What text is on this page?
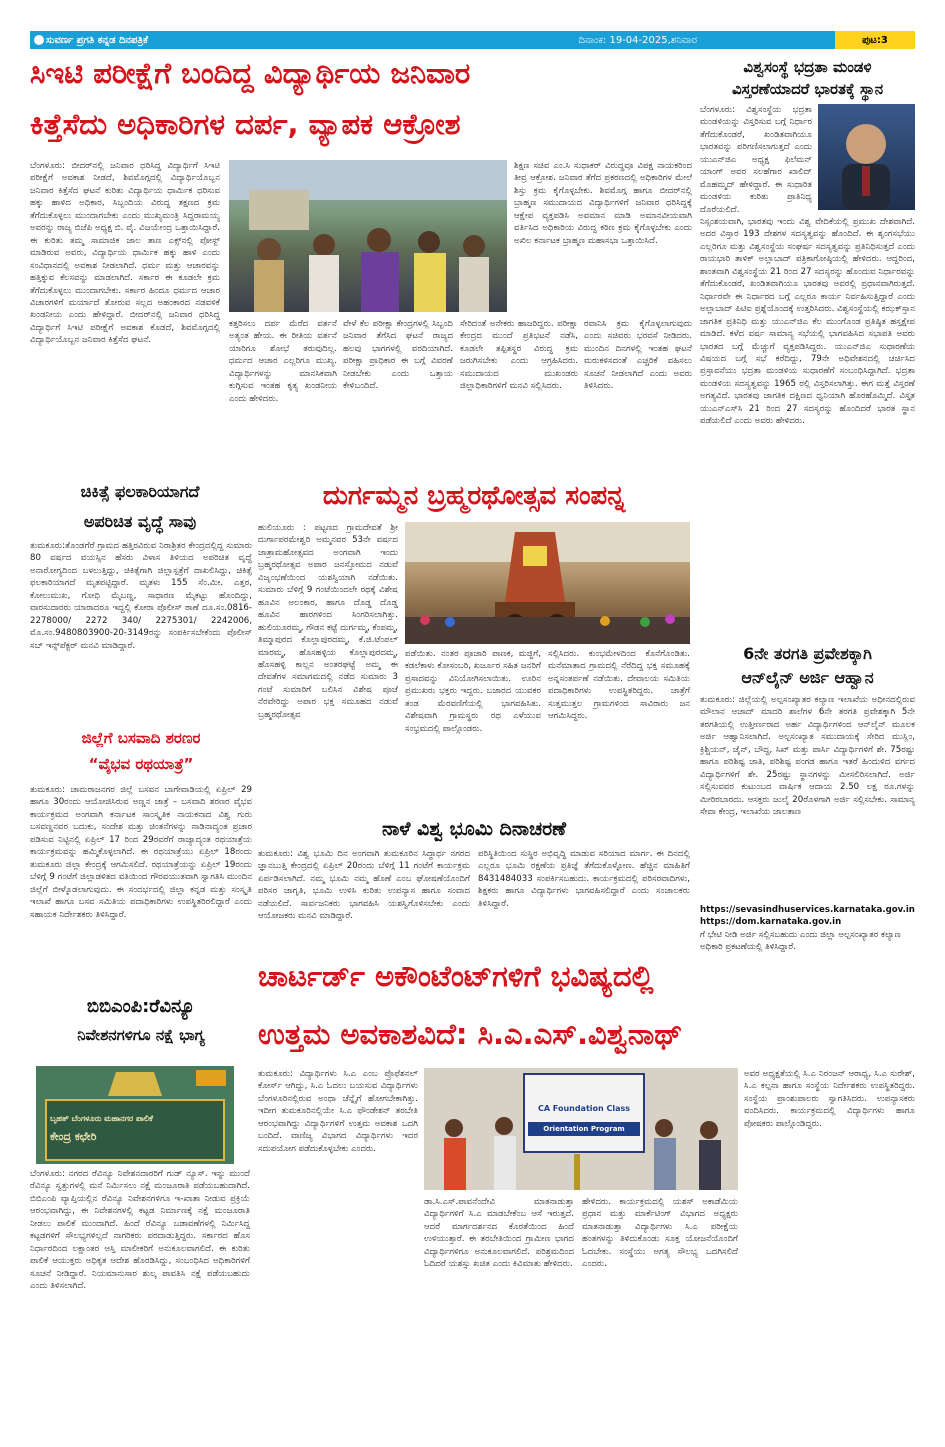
ಸುವರ್ಣ ಪ್ರಗತಿ ಕನ್ನಡ ದಿನಪತ್ರಿಕೆ	ದಿನಾಂಕ: 19-04-2025,ಶನಿವಾರ	ಪುಟ:3
ಸಿಇಟಿ ಪರೀಕ್ಷೆಗೆ ಬಂದಿದ್ದ ವಿದ್ಯಾರ್ಥಿಯ ಜನಿವಾರ
ಕಿತ್ತೆಸೆದು ಅಧಿಕಾರಿಗಳ ದರ್ಪ, ವ್ಯಾಪಕ ಆಕ್ರೋಶ
ಬೆಂಗಳೂರು: ಬೀದರ್‌ನಲ್ಲಿ ಜನಿವಾರ ಧರಿಸಿದ್ದ ವಿದ್ಯಾರ್ಥಿಗೆ ಸಿಇಟಿ ಪರೀಕ್ಷೆಗೆ ಅವಕಾಶ ನೀಡದೆ, ಶಿವಮೊಗ್ಗದಲ್ಲಿ ವಿದ್ಯಾರ್ಥಿಯೊಬ್ಬನ ಜನಿವಾರ ಕಿತ್ತೆಸೆದ ಘಟನೆ ಕುರಿತು ವಿದ್ಯಾರ್ಥಿಯ ಧಾರ್ಮಿಕ ಧರಿಸುವ ಹಕ್ಕು ಹಾಳಿದ ಅಧಿಕಾರ, ಸಿಬ್ಬಂದಿಯ ವಿರುದ್ಧ ತಕ್ಷಣದ ಕ್ರಮ ತೆಗೆದುಕೊಳ್ಳಲು ಮುಂದಾಗಬೇಕು ಎಂದು ಮುಖ್ಯಮಂತ್ರಿ ಸಿದ್ದರಾಮಯ್ಯ ಅವರನ್ನು ರಾಜ್ಯ ಬಿಜೆಪಿ ಅಧ್ಯಕ್ಷ ಬಿ. ವೈ. ವಿಜಯೇಂದ್ರ ಒತ್ತಾಯಿಸಿದ್ದಾರೆ. ಈ ಕುರಿತು ತಮ್ಮ ಸಾಮಾಜಿಕ ಜಾಲ ತಾಣ ಎಕ್ಸ್‌ನಲ್ಲಿ ಪೋಸ್ಟ್ ಮಾಡಿರುವ ಅವರು, ವಿದ್ಯಾರ್ಥಿಯ ಧಾರ್ಮಿಕ ಹಕ್ಕು ಹಾಳಿ ಎಂದು ಸಂವಿಧಾನದಲ್ಲಿ ಅವಕಾಶ ನೀಡಲಾಗಿದೆ. ಧರ್ಮ ಮತ್ತು ಆಚಾರವನ್ನು ಹತ್ತಿಕ್ಕುವ ಕೆಲಸವನ್ನು ಮಾಡಲಾಗಿದೆ. ಸರ್ಕಾರ ಈ ಕೂಡಲೇ ಕ್ರಮ ತೆಗೆದುಕೊಳ್ಳಲು ಮುಂದಾಗಬೇಕು. ಸರ್ಕಾರ ಹಿಂದೂ ಧರ್ಮದ ಆಚಾರ ವಿಚಾರಗಳಿಗೆ ಮರ್ಯಾದೆ ತೋರುವ ಸಲ್ಲದ ಅಹಂಕಾರದ ನಡವಳಿಕೆ ಖಂಡನೀಯ ಎಂದು ಹೇಳಿದ್ದಾರೆ. ಬೀದರ್‌ನಲ್ಲಿ ಜನಿವಾರ ಧರಿಸಿದ್ದ ವಿದ್ಯಾರ್ಥಿಗೆ ಸಿಇಟಿ ಪರೀಕ್ಷೆಗೆ ಅವಕಾಶ ಕೊಡದೆ, ಶಿವಮೊಗ್ಗದಲ್ಲಿ ವಿದ್ಯಾರ್ಥಿಯೊಬ್ಬನ ಜನಿವಾರ ಕಿತ್ತೆಸೆದ ಘಟನೆ.
ಶಿಕ್ಷಣ ಸಚಿವ ಎಂ.ಸಿ ಸುಧಾಕರ್ ವಿರುದ್ಧವೂ ವಿಪಕ್ಷ ನಾಯಕರಿಂದ ತೀವ್ರ ಆಕ್ರೋಶ. ಜನಿವಾರ ತೆಗೆದ ಪ್ರಕರಣದಲ್ಲಿ ಅಧಿಕಾರಿಗಳ ಮೇಲೆ ಶಿಸ್ತು ಕ್ರಮ ಕೈಗೊಳ್ಳಬೇಕು. ಶಿವಮೊಗ್ಗ ಹಾಗೂ ಬೀದರ್‌ನಲ್ಲಿ ಬ್ರಾಹ್ಮಣ ಸಮುದಾಯದ ವಿದ್ಯಾರ್ಥಿಗಳಿಗೆ ಜನಿವಾರ ಧರಿಸಿದ್ದಕ್ಕೆ ಆಕ್ಷೇಪ ವ್ಯಕ್ತಪಡಿಸಿ ಅವಮಾನ ಮಾಡಿ ಅಮಾನವೀಯವಾಗಿ ವರ್ತಿಸಿದ ಅಧಿಕಾರಿಯ ವಿರುದ್ಧ ಕಠಿಣ ಕ್ರಮ ಕೈಗೊಳ್ಳಬೇಕು ಎಂದು ಅಖಿಲ ಕರ್ನಾಟಕ ಬ್ರಾಹ್ಮಣ ಮಹಾಸಭಾ ಒತ್ತಾಯಿಸಿದೆ.
ಕತ್ತರಿಸಲು ದರ್ಪ ಮೆರೆದ ವರ್ತನೆ ಅತ್ಯಂತ ಹೇಯ. ಈ ರೀತಿಯ ವರ್ತನೆ ಯಾರಿಗೂ ಶೋಭೆ ತರುವುದಿಲ್ಲ. ಧರ್ಮದ ಆಚಾರ ಎಲ್ಲರಿಗೂ ಮುಖ್ಯ. ವಿದ್ಯಾರ್ಥಿಗಳನ್ನು ಮಾನಸಿಕವಾಗಿ ಕುಗ್ಗಿಸುವ ಇಂತಹ ಕೃತ್ಯ ಖಂಡನೀಯ ಎಂದು ಹೇಳಿದರು.
ವೇಳೆ ಕೆಲ ಪರೀಕ್ಷಾ ಕೇಂದ್ರಗಳಲ್ಲಿ ಸಿಬ್ಬಂದಿ ಜನಿವಾರ ತೆಗೆಸಿದ ಘಟನೆ ರಾಜ್ಯದ ಹಲವು ಭಾಗಗಳಲ್ಲಿ ವರದಿಯಾಗಿದೆ. ಪರೀಕ್ಷಾ ಪ್ರಾಧಿಕಾರ ಈ ಬಗ್ಗೆ ವಿವರಣೆ ನೀಡಬೇಕು ಎಂದು ಒತ್ತಾಯ ಕೇಳಿಬಂದಿದೆ.
ಸೇರಿದಂತೆ ಅನೇಕರು ಹಾಜರಿದ್ದರು. ಪರೀಕ್ಷಾ ಕೇಂದ್ರದ ಮುಂದೆ ಪ್ರತಿಭಟನೆ ನಡೆಸಿ, ಕೂಡಲೇ ತಪ್ಪಿತಸ್ಥರ ವಿರುದ್ಧ ಕ್ರಮ ಜರುಗಿಸಬೇಕು ಎಂದು ಆಗ್ರಹಿಸಿದರು. ಸಮುದಾಯದ ಮುಖಂಡರು ಜಿಲ್ಲಾಧಿಕಾರಿಗಳಿಗೆ ಮನವಿ ಸಲ್ಲಿಸಿದರು.
ರವಾನಿಸಿ ಕ್ರಮ ಕೈಗೊಳ್ಳಲಾಗುವುದು ಎಂದು ಸಚಿವರು ಭರವಸೆ ನೀಡಿದರು. ಮುಂದಿನ ದಿನಗಳಲ್ಲಿ ಇಂತಹ ಘಟನೆ ಮರುಕಳಿಸದಂತೆ ಎಚ್ಚರಿಕೆ ವಹಿಸಲು ಸೂಚನೆ ನೀಡಲಾಗಿದೆ ಎಂದು ಅವರು ತಿಳಿಸಿದರು.
ವಿಶ್ವಸಂಸ್ಥೆ ಭದ್ರತಾ ಮಂಡಳಿ
ವಿಸ್ತರಣೆಯಾದರೆ ಭಾರತಕ್ಕೆ ಸ್ಥಾನ
ಬೆಂಗಳೂರು: ವಿಶ್ವಸಂಸ್ಥೆಯ ಭದ್ರತಾ ಮಂಡಳಿಯನ್ನು ವಿಸ್ತರಿಸುವ ಬಗ್ಗೆ ನಿರ್ಧಾರ ತೆಗೆದುಕೊಂಡರೆ, ಖಂಡಿತವಾಗಿಯೂ ಭಾರತವನ್ನು ಪರಿಗಣಿಸಲಾಗುತ್ತದೆ ಎಂದು ಯುಎನ್‌ಜಿಎ ಅಧ್ಯಕ್ಷ ಫಿಲೆಮನ್ ಯಾಂಗ್ ಅವರ ಸಲಹೆಗಾರ ಖಾಲಿದ್ ಮೊಹಮ್ಮದ್ ಹೇಳಿದ್ದಾರೆ. ಈ ಸುಧಾರಿತ ಮಂಡಳಿಯ ಕುರಿತು ಪ್ರಾತಿನಿಧ್ಯ ದೊರೆಯಲಿದೆ.
ನಿಸ್ಸಂಶಯವಾಗಿ, ಭಾರತವು ಇಂದು ವಿಶ್ವ ವೇದಿಕೆಯಲ್ಲಿ ಪ್ರಮುಖ ದೇಶವಾಗಿದೆ. ಅದರ ವಿಸ್ತಾರ 193 ದೇಶಗಳ ಸದಸ್ಯತ್ವವನ್ನು ಹೊಂದಿದೆ. ಈ ಶೃಂಗಸಭೆಯು ಎಲ್ಲರಿಗೂ ಮತ್ತು ವಿಶ್ವಸಂಸ್ಥೆಯ ಸಂಘರ್ಷ ಸದಸ್ಯತ್ವವನ್ನು ಪ್ರತಿನಿಧಿಸುತ್ತದೆ ಎಂದು ರಾಯಭಾರಿ ತಾಳಿಕ್ ಅಲ್ಲಾಬಾದ್ ಪತ್ರಿಕಾಗೋಷ್ಠಿಯಲ್ಲಿ ಹೇಳಿದರು. ಆದ್ದರಿಂದ, ಶಾಂತವಾಗಿ ವಿಶ್ವಸಂಸ್ಥೆಯ 21 ರಿಂದ 27 ಸದಸ್ಯರನ್ನು ಹೊಂದುವ ನಿರ್ಧಾರವನ್ನು ತೆಗೆದುಕೊಂಡರೆ, ಖಂಡಿತವಾಗಿಯೂ ಭಾರತವು ಅವರಲ್ಲಿ ಪ್ರಧಾನವಾಗಿರುತ್ತದೆ. ನಿರ್ಧಾರವೇ ಈ ನಿರ್ಧಾರದ ಬಗ್ಗೆ ಎಲ್ಲರೂ ಕಾರ್ಯ ನಿರ್ವಹಿಸುತ್ತಿದ್ದಾರೆ ಎಂದು ಅಲ್ಲಾಬಾದ್ ಪಿಟಿಐ ಪ್ರಶ್ನೆಯೊಂದಕ್ಕೆ ಉತ್ತರಿಸಿದರು. ವಿಶ್ವಸಂಸ್ಥೆಯಲ್ಲಿ ಕಝಕ್‌ಸ್ತಾನ ಜಾಗತಿಕ ಪ್ರತಿನಿಧಿ ಮತ್ತು ಯುಎನ್‌ಜಿಎ ಕೆಲ ಮುಂಗೊಂಡ ಪ್ರತಿಷ್ಠಿತ ಹಸ್ತಕ್ಷೇಪ ಮಾಡಿದೆ. ಕಳೆದ ವರ್ಷ ಸಾಮಾನ್ಯ ಸಭೆಯಲ್ಲಿ ಭಾಗವಹಿಸಿದ ಸಭಾಪತಿ ಅವರು ಭಾರತದ ಬಗ್ಗೆ ಮೆಚ್ಚುಗೆ ವ್ಯಕ್ತಪಡಿಸಿದ್ದರು. ಯುಎನ್‌ಜಿಎ ಸುಧಾರಣೆಯ ವಿಷಯದ ಬಗ್ಗೆ ಸಭೆ ಕರೆದಿದ್ದು, 79ನೇ ಅಧಿವೇಶನದಲ್ಲಿ ಚರ್ಚಿಸಿದ ಪ್ರಸ್ತಾವನೆಯು ಭದ್ರತಾ ಮಂಡಳಿಯ ಸುಧಾರಣೆಗೆ ಸಂಬಂಧಿಸಿದ್ದಾಗಿದೆ. ಭದ್ರತಾ ಮಂಡಳಿಯ ಸದಸ್ಯತ್ವವನ್ನು 1965 ರಲ್ಲಿ ವಿಸ್ತರಿಸಲಾಗಿತ್ತು. ಈಗ ಮತ್ತೆ ವಿಸ್ತರಣೆ ಅಗತ್ಯವಿದೆ. ಭಾರತವು ಜಾಗತಿಕ ದಕ್ಷಿಣದ ಧ್ವನಿಯಾಗಿ ಹೊರಹೊಮ್ಮಿದೆ. ವಿಸ್ತೃತ ಯುಎನ್‌ಎಸ್‌ಸಿ 21 ರಿಂದ 27 ಸದಸ್ಯರನ್ನು ಹೊಂದಿದರೆ ಭಾರತ ಸ್ಥಾನ ಪಡೆಯಲಿದೆ ಎಂದು ಅವರು ಹೇಳಿದರು.
6ನೇ ತರಗತಿ ಪ್ರವೇಶಕ್ಕಾಗಿ
ಆನ್‌ಲೈನ್ ಅರ್ಜಿ ಆಹ್ವಾನ
ತುಮಕೂರು: ಜಿಲ್ಲೆಯಲ್ಲಿ ಅಲ್ಪಸಂಖ್ಯಾತರ ಕಲ್ಯಾಣ ಇಲಾಖೆಯ ಅಧೀನದಲ್ಲಿರುವ ಮೌಲಾನ ಆಜಾದ್ ಮಾದರಿ ಶಾಲೆಗಳ 6ನೇ ತರಗತಿ ಪ್ರವೇಶಕ್ಕಾಗಿ 5ನೇ ತರಗತಿಯಲ್ಲಿ ಉತ್ತೀರ್ಣರಾದ ಅರ್ಹ ವಿದ್ಯಾರ್ಥಿಗಳಿಂದ ಆನ್‌ಲೈನ್ ಮೂಲಕ ಅರ್ಜಿ ಆಹ್ವಾನಿಸಲಾಗಿದೆ. ಅಲ್ಪಸಂಖ್ಯಾತ ಸಮುದಾಯಕ್ಕೆ ಸೇರಿದ ಮುಸ್ಲಿಂ, ಕ್ರಿಶ್ಚಿಯನ್, ಜೈನ್, ಬೌದ್ಧ, ಸಿಖ್ ಮತ್ತು ಪಾರ್ಸಿ ವಿದ್ಯಾರ್ಥಿಗಳಿಗೆ ಶೇ. 75ರಷ್ಟು ಹಾಗೂ ಪರಿಶಿಷ್ಟ ಜಾತಿ, ಪರಿಶಿಷ್ಟ ಪಂಗಡ ಹಾಗೂ ಇತರೆ ಹಿಂದುಳಿದ ವರ್ಗದ ವಿದ್ಯಾರ್ಥಿಗಳಿಗೆ ಶೇ. 25ರಷ್ಟು ಸ್ಥಾನಗಳನ್ನು ಮೀಸಲಿರಿಸಲಾಗಿದೆ. ಅರ್ಜಿ ಸಲ್ಲಿಸುವವರ ಕುಟುಂಬದ ವಾರ್ಷಿಕ ಆದಾಯ 2.50 ಲಕ್ಷ ರೂ.ಗಳನ್ನು ಮೀರಿರಬಾರದು. ಆಸಕ್ತರು ಜುಲೈ 20ರೊಳಗಾಗಿ ಅರ್ಜಿ ಸಲ್ಲಿಸಬೇಕು. ಸಾಮಾನ್ಯ ಸೇವಾ ಕೇಂದ್ರ, ಇಲಾಖೆಯ ಜಾಲತಾಣ
https://sevasindhuservices.karnataka.gov.in
https://dom.karnataka.gov.in
ಗೆ ಭೇಟಿ ನೀಡಿ ಅರ್ಜಿ ಸಲ್ಲಿಸಬಹುದು ಎಂದು ಜಿಲ್ಲಾ ಅಲ್ಪಸಂಖ್ಯಾತರ ಕಲ್ಯಾಣ ಅಧಿಕಾರಿ ಪ್ರಕಟಣೆಯಲ್ಲಿ ತಿಳಿಸಿದ್ದಾರೆ.
ಚಿಕಿತ್ಸೆ ಫಲಕಾರಿಯಾಗದೆ
ಅಪರಿಚಿತ ವೃದ್ಧೆ ಸಾವು
ತುಮಕೂರು:ತೊಂಡಗೆರೆ ಗ್ರಾಮದ ಹತ್ತಿರವಿರುವ ನಿರಾಶ್ರಿತರ ಕೇಂದ್ರದಲ್ಲಿದ್ದ ಸುಮಾರು 80 ವರ್ಷದ ವಯಸ್ಸಿನ ಹೆಸರು ವಿಳಾಸ ತಿಳಿಯದ ಅಪರಿಚಿತ ವೃದ್ಧೆ ಅನಾರೋಗ್ಯದಿಂದ ಬಳಲುತ್ತಿದ್ದು, ಚಿಕಿತ್ಸೆಗಾಗಿ ಜಿಲ್ಲಾಸ್ಪತ್ರೆಗೆ ದಾಖಲಿಸಿದ್ದು, ಚಿಕಿತ್ಸೆ ಫಲಕಾರಿಯಾಗದೆ ಮೃತಪಟ್ಟಿದ್ದಾರೆ. ಮೃತಳು 155 ಸೆಂ.ಮೀ. ಎತ್ತರ, ಕೋಲುಮುಖ, ಗೋಧಿ ಮೈಬಣ್ಣ, ಸಾಧಾರಣ ಮೈಕಟ್ಟು ಹೊಂದಿದ್ದು, ವಾರಸುದಾರರು ಯಾರಾದರೂ ಇದ್ದಲ್ಲಿ ಕೋರಾ ಪೊಲೀಸ್ ಠಾಣೆ ದೂ.ಸಂ.0816-2278000/ 2272 340/ 2275301/ 2242006, ಮೊ.ಸಂ.9480803900-20-3149ರನ್ನು ಸಂಪರ್ಕಿಸಬೇಕೆಂದು ಪೊಲೀಸ್ ಸಬ್ ಇನ್ಸ್‌ಪೆಕ್ಟರ್ ಮನವಿ ಮಾಡಿದ್ದಾರೆ.
ಜಿಲ್ಲೆಗೆ ಬಸವಾದಿ ಶರಣರ
“ವೈಭವ ರಥಯಾತ್ರೆ”
ತುಮಕೂರು: ಚಾಮರಾಜನಗರ ಜಿಲ್ಲೆ ಬಸವನ ಬಾಗೇವಾಡಿಯಲ್ಲಿ ಏಪ್ರಿಲ್ 29 ಹಾಗೂ 30ರಂದು ಆಯೋಜಿಸಿರುವ ಅಣ್ಣನ ಜಾತ್ರೆ – ಬಸವಾದಿ ಶರಣರ ವೈಭವ ಕಾರ್ಯಕ್ರಮದ ಅಂಗವಾಗಿ ಕರ್ನಾಟಕ ಸಾಂಸ್ಕೃತಿಕ ನಾಯಕನಾದ ವಿಶ್ವ ಗುರು ಬಸವಣ್ಣನವರ ಬದುಕು, ಸಂದೇಶ ಮತ್ತು ಚಿಂತನೆಗಳನ್ನು ನಾಡಿನಾದ್ಯಂತ ಪ್ರಚಾರ ಪಡಿಸುವ ನಿಟ್ಟಿನಲ್ಲಿ ಏಪ್ರಿಲ್ 17 ರಿಂದ 29ರವರೆಗೆ ರಾಜ್ಯಾದ್ಯಂತ ರಥಯಾತ್ರೆಯ ಕಾರ್ಯಕ್ರಮವನ್ನು ಹಮ್ಮಿಕೊಳ್ಳಲಾಗಿದೆ. ಈ ರಥಯಾತ್ರೆಯು ಏಪ್ರಿಲ್ 18ರಂದು ತುಮಕೂರು ಜಿಲ್ಲಾ ಕೇಂದ್ರಕ್ಕೆ ಆಗಮಿಸಲಿದೆ. ರಥಯಾತ್ರೆಯನ್ನು ಏಪ್ರಿಲ್ 19ರಂದು ಬೆಳಿಗ್ಗೆ 9 ಗಂಟೆಗೆ ಜಿಲ್ಲಾಡಳಿತದ ವತಿಯಿಂದ ಗೌರವಯುತವಾಗಿ ಸ್ವಾಗತಿಸಿ ಮುಂದಿನ ಜಿಲ್ಲೆಗೆ ಬೀಳ್ಕೊಡಲಾಗುವುದು. ಈ ಸಂದರ್ಭದಲ್ಲಿ ಜಿಲ್ಲಾ ಕನ್ನಡ ಮತ್ತು ಸಂಸ್ಕೃತಿ ಇಲಾಖೆ ಹಾಗೂ ಬಸವ ಸಮಿತಿಯ ಪದಾಧಿಕಾರಿಗಳು ಉಪಸ್ಥಿತರಿರಲಿದ್ದಾರೆ ಎಂದು ಸಹಾಯಕ ನಿರ್ದೇಶಕರು ತಿಳಿಸಿದ್ದಾರೆ.
ದುರ್ಗಮ್ಮನ ಬ್ರಹ್ಮರಥೋತ್ಸವ ಸಂಪನ್ನ
ಹುಲಿಯೂರು : ಪಟ್ಟಣದ ಗ್ರಾಮದೇವತೆ ಶ್ರೀ ದುರ್ಗಾಪರಮೇಶ್ವರಿ ಅಮ್ಮನವರ 53ನೇ ವರ್ಷದ ಜಾತ್ರಾಮಹೋತ್ಸವದ ಅಂಗವಾಗಿ ಇಂದು ಬ್ರಹ್ಮರಥೋತ್ಸವ ಅಪಾರ ಜನಸ್ತೋಮದ ನಡುವೆ ವಿಜೃಂಭಣೆಯಿಂದ ಯಶಸ್ವಿಯಾಗಿ ನಡೆಯಿತು. ಸುಮಾರು ಬೆಳಿಗ್ಗೆ 9 ಗಂಟೆಯಿಂದಲೇ ರಥಕ್ಕೆ ವಿಶೇಷ ಹೂವಿನ ಅಲಂಕಾರ, ಹಾಗೂ ದೊಡ್ಡ ದೊಡ್ಡ ಹೂವಿನ ಹಾರಗಳಿಂದ ಸಿಂಗರಿಸಲಾಗಿತ್ತು. ಹುಲಿಯೂರಮ್ಮ, ಗೌಡನ ಕಟ್ಟೆ ದುರ್ಗಮ್ಮ, ಕೆಂಪಮ್ಮ, ತಿಮ್ಮಾಪುರದ ಕೊಲ್ಲಾಪುರದಮ್ಮ, ಕೆ.ಜಿ.ಟೆಂಪಲ್ ಮಾರಮ್ಮ, ಹೊಸಹಳ್ಳಿಯ ಕೊಲ್ಲಾಪುರದಮ್ಮ, ಹೊಸಹಳ್ಳಿ ಕಾಲ್ಲನ ಅಂತರಘಟ್ಟೆ ಅಮ್ಮ ಈ ದೇವತೆಗಳ ಸಮಾಗಮದಲ್ಲಿ ನಡೆದ ಸುಮಾರು 3 ಗಂಟೆ ಸುಮಾರಿಗೆ ಬಲಿಸಿನ ವಿಶೇಷ ಪೂಜೆ ನೆರವೇರಿದ್ದು ಅಪಾರ ಭಕ್ತ ಸಮೂಹದ ನಡುವೆ ಬ್ರಹ್ಮರಥೋತ್ಸವ
ಪಡೆಯಿತು. ನಂತರ ಪೂಜಾರಿ ಪಾಣಕ, ಮಜ್ಜಿಗೆ, ಕಡಲೆಕಾಳು ಕೋಸಂಬರಿ, ಖರ್ಜೂರ ಸಹಿತ ಜನರಿಗೆ ಪ್ರಸಾದವನ್ನು ವಿನಿಯೋಗಿಸಲಾಯಿತು. ಊರಿನ ಪ್ರಮುಖರು ಭಕ್ತರು ಇದ್ದರು. ಬಜಾರದ ಯುವಕರ ತಂಡ ಮೆರವಣಿಗೆಯಲ್ಲಿ ಭಾಗವಹಿಸಿತು. ವಿಶೇಷವಾಗಿ ಗ್ರಾಮಸ್ಥರು ರಥ ಎಳೆಯುವ ಸಂಭ್ರಮದಲ್ಲಿ ಪಾಲ್ಗೊಂಡರು.
ಸಲ್ಲಿಸಿದರು. ಕುಂಭಮೇಳದಿಂದ ಕೊನೆಗೊಂಡಿತು. ಮನೆಮಾತಾದ ಗ್ರಾಮದಲ್ಲಿ ನೆರೆದಿದ್ದ ಭಕ್ತ ಸಮೂಹಕ್ಕೆ ಅನ್ನಸಂತರ್ಪಣೆ ನಡೆಯಿತು. ದೇವಾಲಯ ಸಮಿತಿಯ ಪದಾಧಿಕಾರಿಗಳು ಉಪಸ್ಥಿತರಿದ್ದರು. ಜಾತ್ರೆಗೆ ಸುತ್ತಮುತ್ತಲ ಗ್ರಾಮಗಳಿಂದ ಸಾವಿರಾರು ಜನ ಆಗಮಿಸಿದ್ದರು.
ನಾಳೆ ವಿಶ್ವ ಭೂಮಿ ದಿನಾಚರಣೆ
ತುಮಕೂರು: ವಿಶ್ವ ಭೂಮಿ ದಿನ ಅಂಗವಾಗಿ ತುಮಕೂರಿನ ಸಿದ್ಧಾರ್ಥ ನಗರದ ಜ್ಞಾನಬುತ್ತಿ ಕೇಂದ್ರದಲ್ಲಿ ಏಪ್ರಿಲ್ 20ರಂದು ಬೆಳಿಗ್ಗೆ 11 ಗಂಟೆಗೆ ಕಾರ್ಯಕ್ರಮ ಏರ್ಪಡಿಸಲಾಗಿದೆ. ನಮ್ಮ ಭೂಮಿ ನಮ್ಮ ಹೊಣೆ ಎಂಬ ಘೋಷಣೆಯೊಂದಿಗೆ ಪರಿಸರ ಜಾಗೃತಿ, ಭೂಮಿ ಉಳಿಸಿ ಕುರಿತು ಉಪನ್ಯಾಸ ಹಾಗೂ ಸಂವಾದ ನಡೆಯಲಿದೆ. ಸಾರ್ವಜನಿಕರು ಭಾಗವಹಿಸಿ ಯಶಸ್ವಿಗೊಳಿಸಬೇಕು ಎಂದು ಆಯೋಜಕರು ಮನವಿ ಮಾಡಿದ್ದಾರೆ.
ಪರಿಸ್ಥಿತಿಯಿಂದ ಸುಸ್ಥಿರ ಅಭಿವೃದ್ಧಿ ಮಾಡುವ ಸರಿಯಾದ ಮಾರ್ಗ. ಈ ದಿನದಲ್ಲಿ ಎಲ್ಲರೂ ಭೂಮಿ ರಕ್ಷಣೆಯ ಪ್ರತಿಜ್ಞೆ ತೆಗೆದುಕೊಳ್ಳೋಣ. ಹೆಚ್ಚಿನ ಮಾಹಿತಿಗೆ 8431484033 ಸಂಪರ್ಕಿಸಬಹುದು. ಕಾರ್ಯಕ್ರಮದಲ್ಲಿ ಪರಿಸರವಾದಿಗಳು, ಶಿಕ್ಷಕರು ಹಾಗೂ ವಿದ್ಯಾರ್ಥಿಗಳು ಭಾಗವಹಿಸಲಿದ್ದಾರೆ ಎಂದು ಸಂಚಾಲಕರು ತಿಳಿಸಿದ್ದಾರೆ.
ಚಾರ್ಟರ್ಡ್ ಅಕೌಂಟೆಂಟ್‌ಗಳಿಗೆ ಭವಿಷ್ಯದಲ್ಲಿ
ಉತ್ತಮ ಅವಕಾಶವಿದೆ: ಸಿ.ಎ.ಎಸ್.ವಿಶ್ವನಾಥ್
ಬಿಬಿಎಂಪಿ:ರೆವಿನ್ಯೂ
ನಿವೇಶನಗಳಿಗೂ ನಕ್ಷೆ ಭಾಗ್ಯ
ಬೃಹತ್ ಬೆಂಗಳೂರು ಮಹಾನಗರ ಪಾಲಿಕೆ
ಕೇಂದ್ರ ಕಛೇರಿ
ಬೆಂಗಳೂರು: ನಗರದ ರೆವಿನ್ಯೂ ನಿವೇಶನದಾರರಿಗೆ ಗುಡ್ ನ್ಯೂಸ್. ಇನ್ನು ಮುಂದೆ ರೆವಿನ್ಯೂ ಸ್ವತ್ತುಗಳಲ್ಲಿ ಮನೆ ನಿರ್ಮಿಸಲು ನಕ್ಷೆ ಮಂಜೂರಾತಿ ಪಡೆಯಬಹುದಾಗಿದೆ. ಬಿಬಿಎಂಪಿ ವ್ಯಾಪ್ತಿಯಲ್ಲಿನ ರೆವಿನ್ಯೂ ನಿವೇಶನಗಳಿಗೂ ಇ-ಖಾತಾ ನೀಡುವ ಪ್ರಕ್ರಿಯೆ ಆರಂಭವಾಗಿದ್ದು, ಈ ನಿವೇಶನಗಳಲ್ಲಿ ಕಟ್ಟಡ ನಿರ್ಮಾಣಕ್ಕೆ ನಕ್ಷೆ ಮಂಜೂರಾತಿ ನೀಡಲು ಪಾಲಿಕೆ ಮುಂದಾಗಿದೆ. ಹಿಂದೆ ರೆವಿನ್ಯೂ ಬಡಾವಣೆಗಳಲ್ಲಿ ನಿರ್ಮಿಸಿದ್ದ ಕಟ್ಟಡಗಳಿಗೆ ಸೌಲಭ್ಯಗಳಿಲ್ಲದೆ ನಾಗರಿಕರು ಪರದಾಡುತ್ತಿದ್ದರು. ಸರ್ಕಾರದ ಹೊಸ ನಿರ್ಧಾರದಿಂದ ಲಕ್ಷಾಂತರ ಆಸ್ತಿ ಮಾಲೀಕರಿಗೆ ಅನುಕೂಲವಾಗಲಿದೆ. ಈ ಕುರಿತು ಪಾಲಿಕೆ ಆಯುಕ್ತರು ಅಧಿಕೃತ ಆದೇಶ ಹೊರಡಿಸಿದ್ದು, ಸಂಬಂಧಿಸಿದ ಅಧಿಕಾರಿಗಳಿಗೆ ಸೂಚನೆ ನೀಡಿದ್ದಾರೆ. ನಿಯಮಾನುಸಾರ ಶುಲ್ಕ ಪಾವತಿಸಿ ನಕ್ಷೆ ಪಡೆಯಬಹುದು ಎಂದು ತಿಳಿಸಲಾಗಿದೆ.
ತುಮಕೂರು: ವಿದ್ಯಾರ್ಥಿಗಳು ಸಿ.ಎ ಎಂಬ ಪ್ರೊಫೆಶನಲ್ ಕೋರ್ಸ್ ಆಗಿದ್ದು, ಸಿ.ಎ ಓದಲು ಬಯಸುವ ವಿದ್ಯಾರ್ಥಿಗಳು ಬೆಂಗಳೂರಿನಲ್ಲಿರುವ ಅಂಥಾ ಚೆನ್ನೈಗೆ ಹೋಗಬೇಕಾಗಿತ್ತು. ಇದೀಗ ತುಮಕೂರಿನಲ್ಲಿಯೇ ಸಿ.ಎ ಫೌಂಡೇಶನ್ ತರಬೇತಿ ಆರಂಭವಾಗಿದ್ದು ವಿದ್ಯಾರ್ಥಿಗಳಿಗೆ ಉತ್ತಮ ಅವಕಾಶ ಒದಗಿ ಬಂದಿದೆ. ವಾಣಿಜ್ಯ ವಿಭಾಗದ ವಿದ್ಯಾರ್ಥಿಗಳು ಇದರ ಸದುಪಯೋಗ ಪಡೆದುಕೊಳ್ಳಬೇಕು ಎಂದರು.
CA Foundation Class
Orientation Program
ಡಾ.ಸಿ.ಎಸ್.ಪಾವನೆಂದೇವಿ ಮಾತನಾಡುತ್ತಾ ವಿದ್ಯಾರ್ಥಿಗಳಿಗೆ ಸಿ.ಎ ಮಾಡಬೇಕೆಂಬ ಆಸೆ ಇರುತ್ತದೆ. ಆದರೆ ಮಾರ್ಗದರ್ಶನದ ಕೊರತೆಯಿಂದ ಹಿಂದೆ ಉಳಿಯುತ್ತಾರೆ. ಈ ತರಬೇತಿಯಿಂದ ಗ್ರಾಮೀಣ ಭಾಗದ ವಿದ್ಯಾರ್ಥಿಗಳಿಗೂ ಅನುಕೂಲವಾಗಲಿದೆ. ಪರಿಶ್ರಮದಿಂದ ಓದಿದರೆ ಯಶಸ್ಸು ಖಚಿತ ಎಂದು ಕಿವಿಮಾತು ಹೇಳಿದರು.
ಹೇಳಿದರು. ಕಾರ್ಯಕ್ರಮದಲ್ಲಿ ಯಶಸ್ ಅಕಾಡೆಮಿಯ ಪ್ರಧಾನ ಮತ್ತು ಮಾರ್ಕೆಟಿಂಗ್ ವಿಭಾಗದ ಅಧ್ಯಕ್ಷರು ಮಾತನಾಡುತ್ತಾ ವಿದ್ಯಾರ್ಥಿಗಳು ಸಿ.ಎ ಪರೀಕ್ಷೆಯ ಹಂತಗಳನ್ನು ತಿಳಿದುಕೊಂಡು ಸೂಕ್ತ ಯೋಜನೆಯೊಂದಿಗೆ ಓದಬೇಕು. ಸಂಸ್ಥೆಯು ಅಗತ್ಯ ಸೌಲಭ್ಯ ಒದಗಿಸಲಿದೆ ಎಂದರು.
ಅವರ ಅಧ್ಯಕ್ಷತೆಯಲ್ಲಿ ಸಿ.ಎ ನಿರಂಜನ್ ಆರಾಧ್ಯ, ಸಿ.ಎ ಸುರೇಶ್, ಸಿ.ಎ ಕಲ್ಪನಾ ಹಾಗೂ ಸಂಸ್ಥೆಯ ನಿರ್ದೇಶಕರು ಉಪಸ್ಥಿತರಿದ್ದರು. ಸಂಸ್ಥೆಯ ಪ್ರಾಂಶುಪಾಲರು ಸ್ವಾಗತಿಸಿದರು. ಉಪನ್ಯಾಸಕರು ವಂದಿಸಿದರು. ಕಾರ್ಯಕ್ರಮದಲ್ಲಿ ವಿದ್ಯಾರ್ಥಿಗಳು ಹಾಗೂ ಪೋಷಕರು ಪಾಲ್ಗೊಂಡಿದ್ದರು.
